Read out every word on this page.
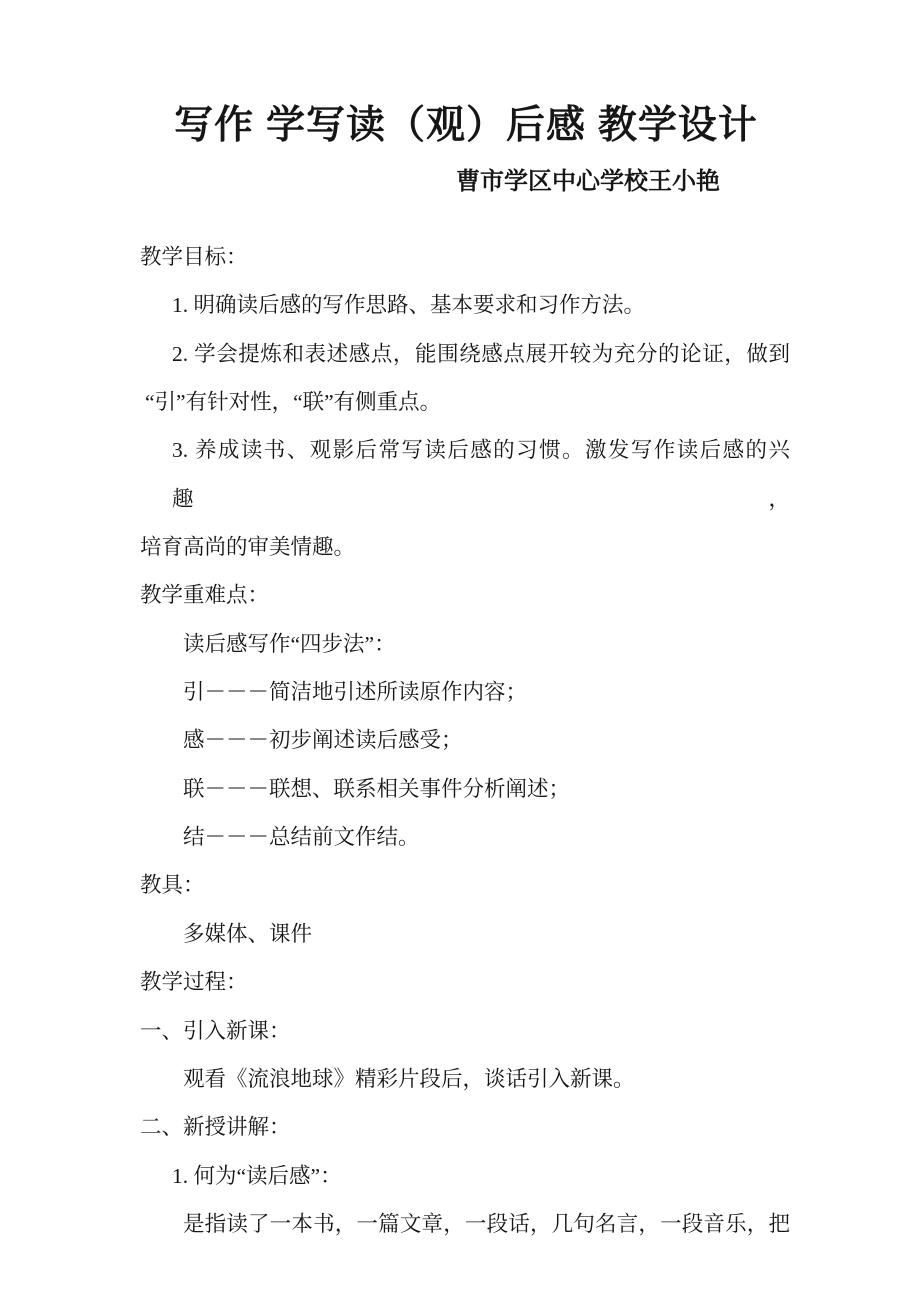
写作 学写读（观）后感 教学设计
曹市学区中心学校王小艳
教学目标：
1. 明确读后感的写作思路、基本要求和习作方法。
2. 学会提炼和表述感点，能围绕感点展开较为充分的论证，做到
“引”有针对性，“联”有侧重点。
3. 养成读书、观影后常写读后感的习惯。激发写作读后感的兴趣，
培育高尚的审美情趣。
教学重难点：
读后感写作“四步法”：
引－－－简洁地引述所读原作内容；
感－－－初步阐述读后感受；
联－－－联想、联系相关事件分析阐述；
结－－－总结前文作结。
教具：
多媒体、课件
教学过程：
一、引入新课：
观看《流浪地球》精彩片段后，谈话引入新课。
二、新授讲解：
1. 何为“读后感”：
是指读了一本书，一篇文章，一段话，几句名言，一段音乐，把
